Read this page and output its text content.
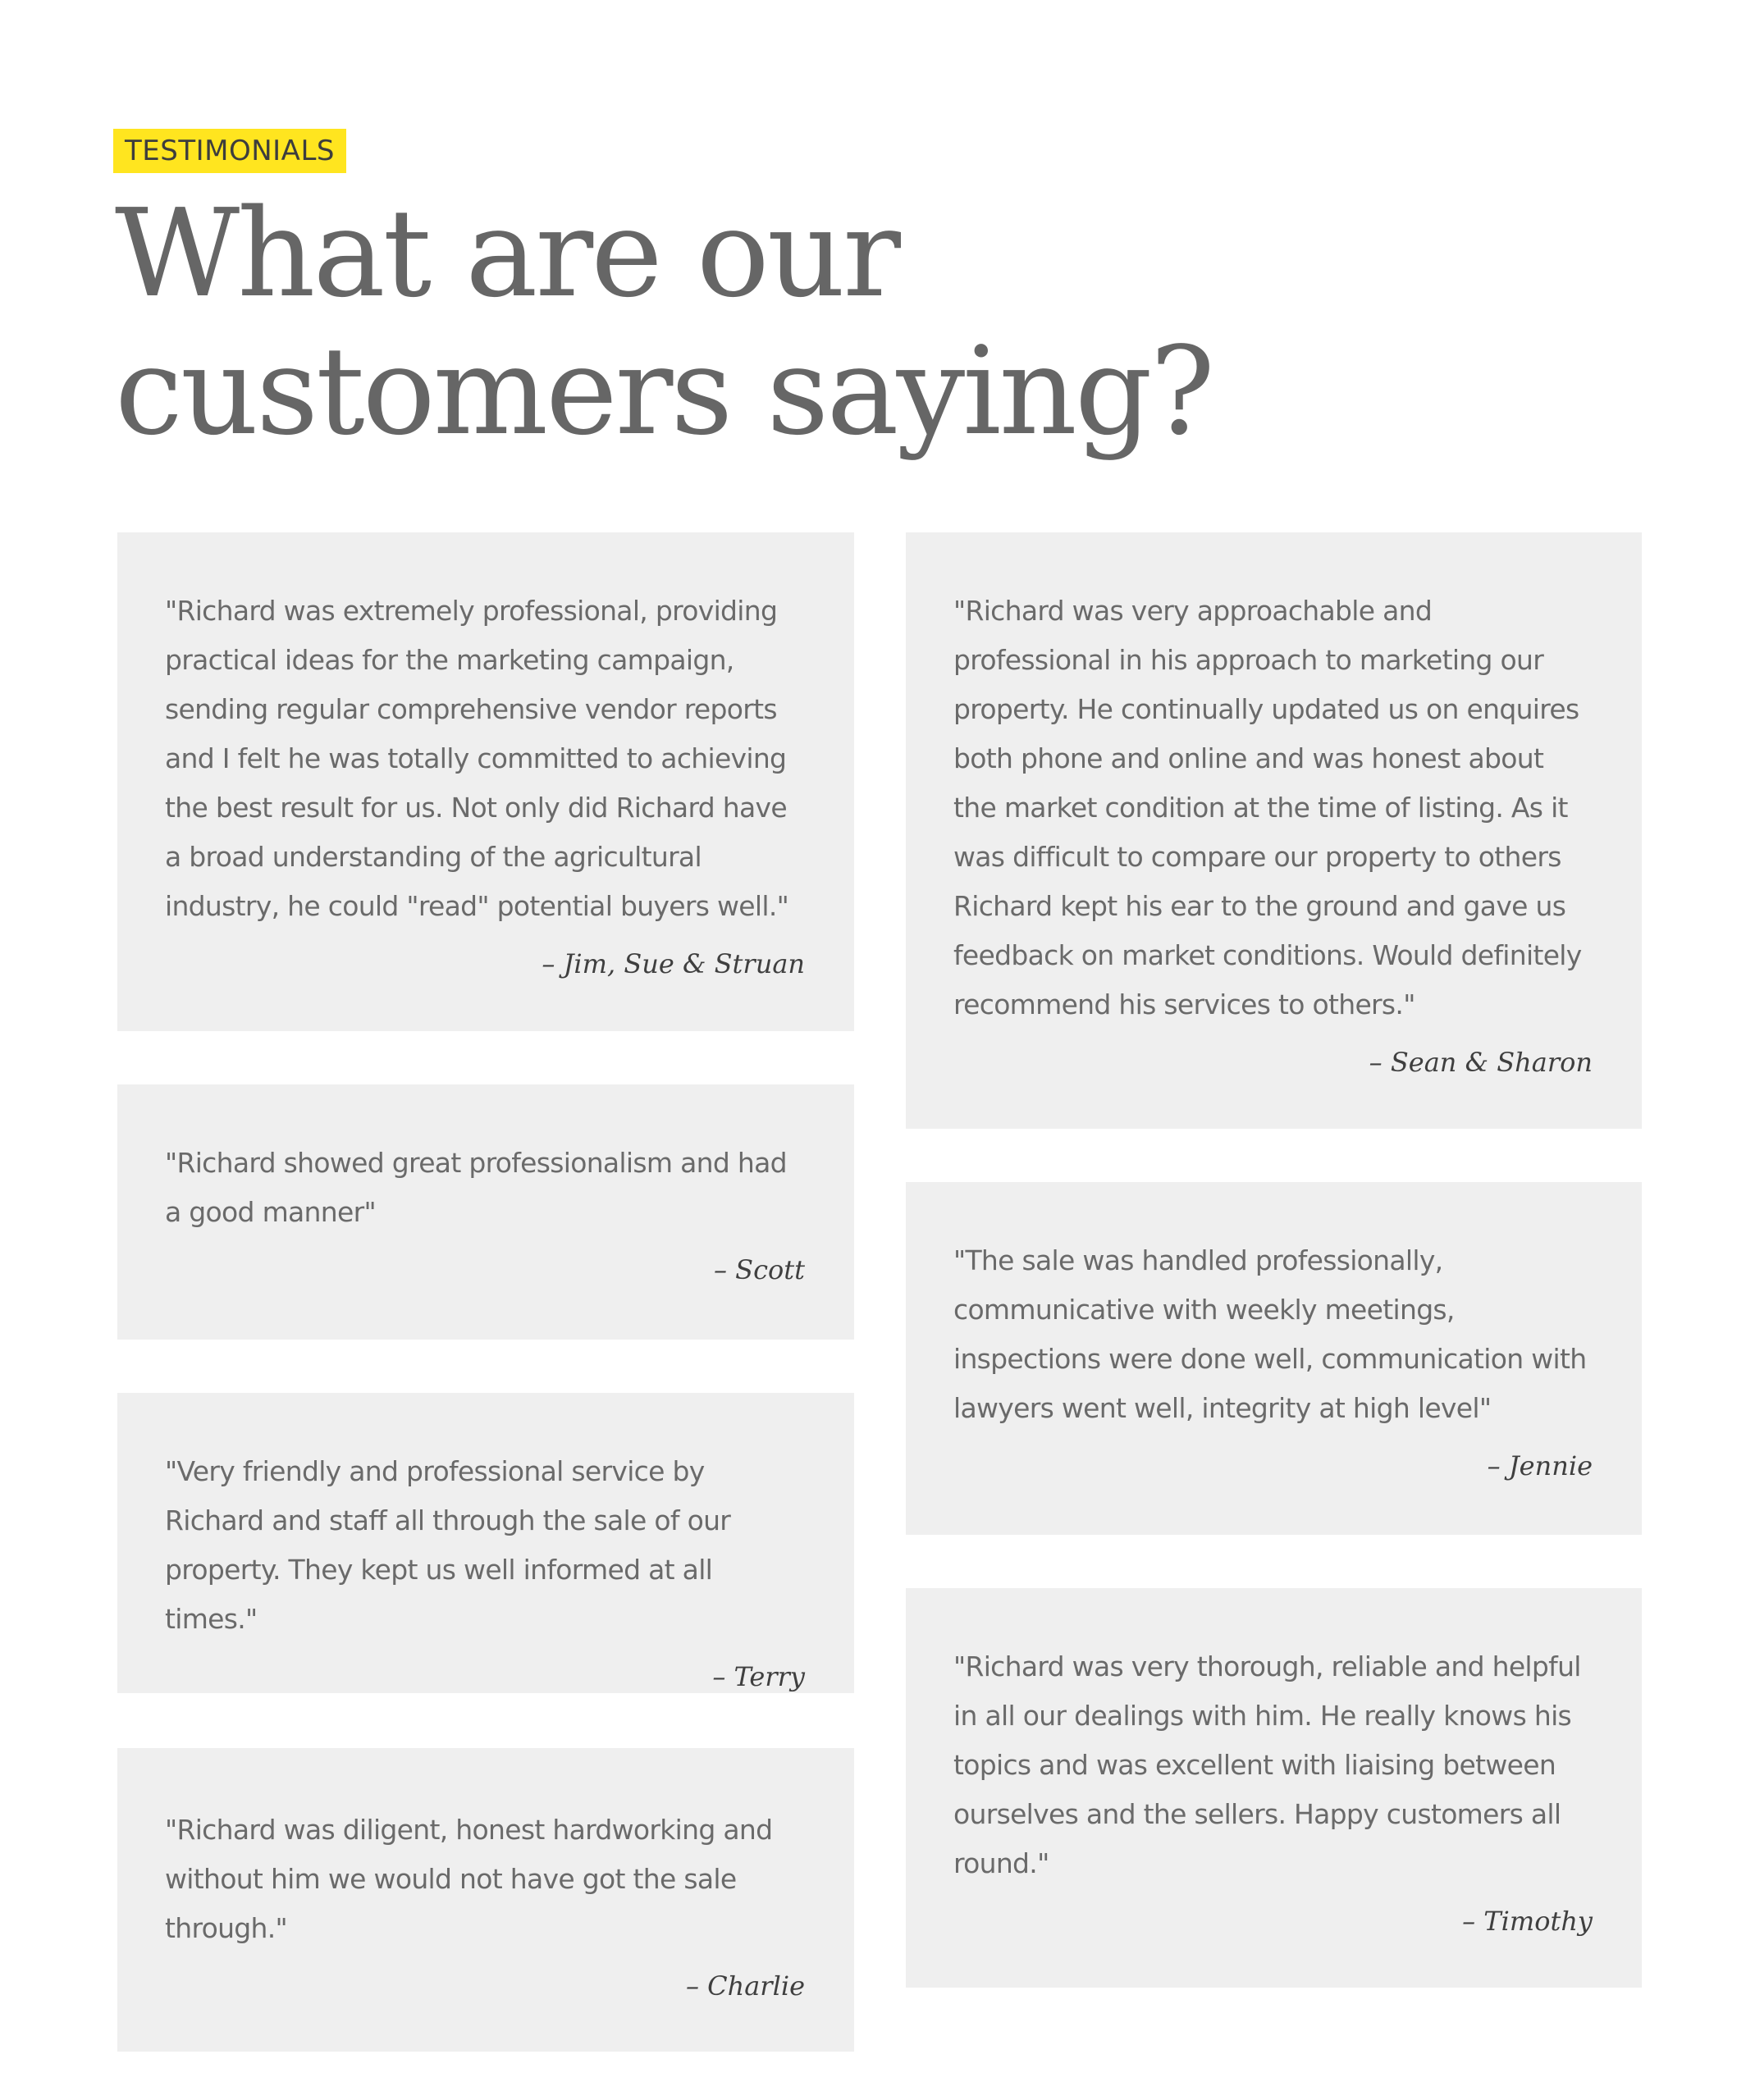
TESTIMONIALS
What are our
customers saying?

"Richard was extremely professional, providing practical ideas for the marketing campaign, sending regular comprehensive vendor reports and I felt he was totally committed to achieving the best result for us. Not only did Richard have a broad understanding of the agricultural industry, he could "read" potential buyers well."

– Jim, Sue & Struan

"Richard showed great professionalism and had a good manner"

– Scott

"Very friendly and professional service by Richard and staff all through the sale of our property. They kept us well informed at all times."

– Terry

"Richard was diligent, honest hardworking and without him we would not have got the sale through."

– Charlie

"Richard was very approachable and professional in his approach to marketing our property. He continually updated us on enquires both phone and online and was honest about the market condition at the time of listing. As it was difficult to compare our property to others Richard kept his ear to the ground and gave us feedback on market conditions. Would definitely recommend his services to others."

– Sean & Sharon

"The sale was handled professionally, communicative with weekly meetings, inspections were done well, communication with lawyers went well, integrity at high level"

– Jennie

"Richard was very thorough, reliable and helpful in all our dealings with him. He really knows his topics and was excellent with liaising between ourselves and the sellers. Happy customers all round."

– Timothy
